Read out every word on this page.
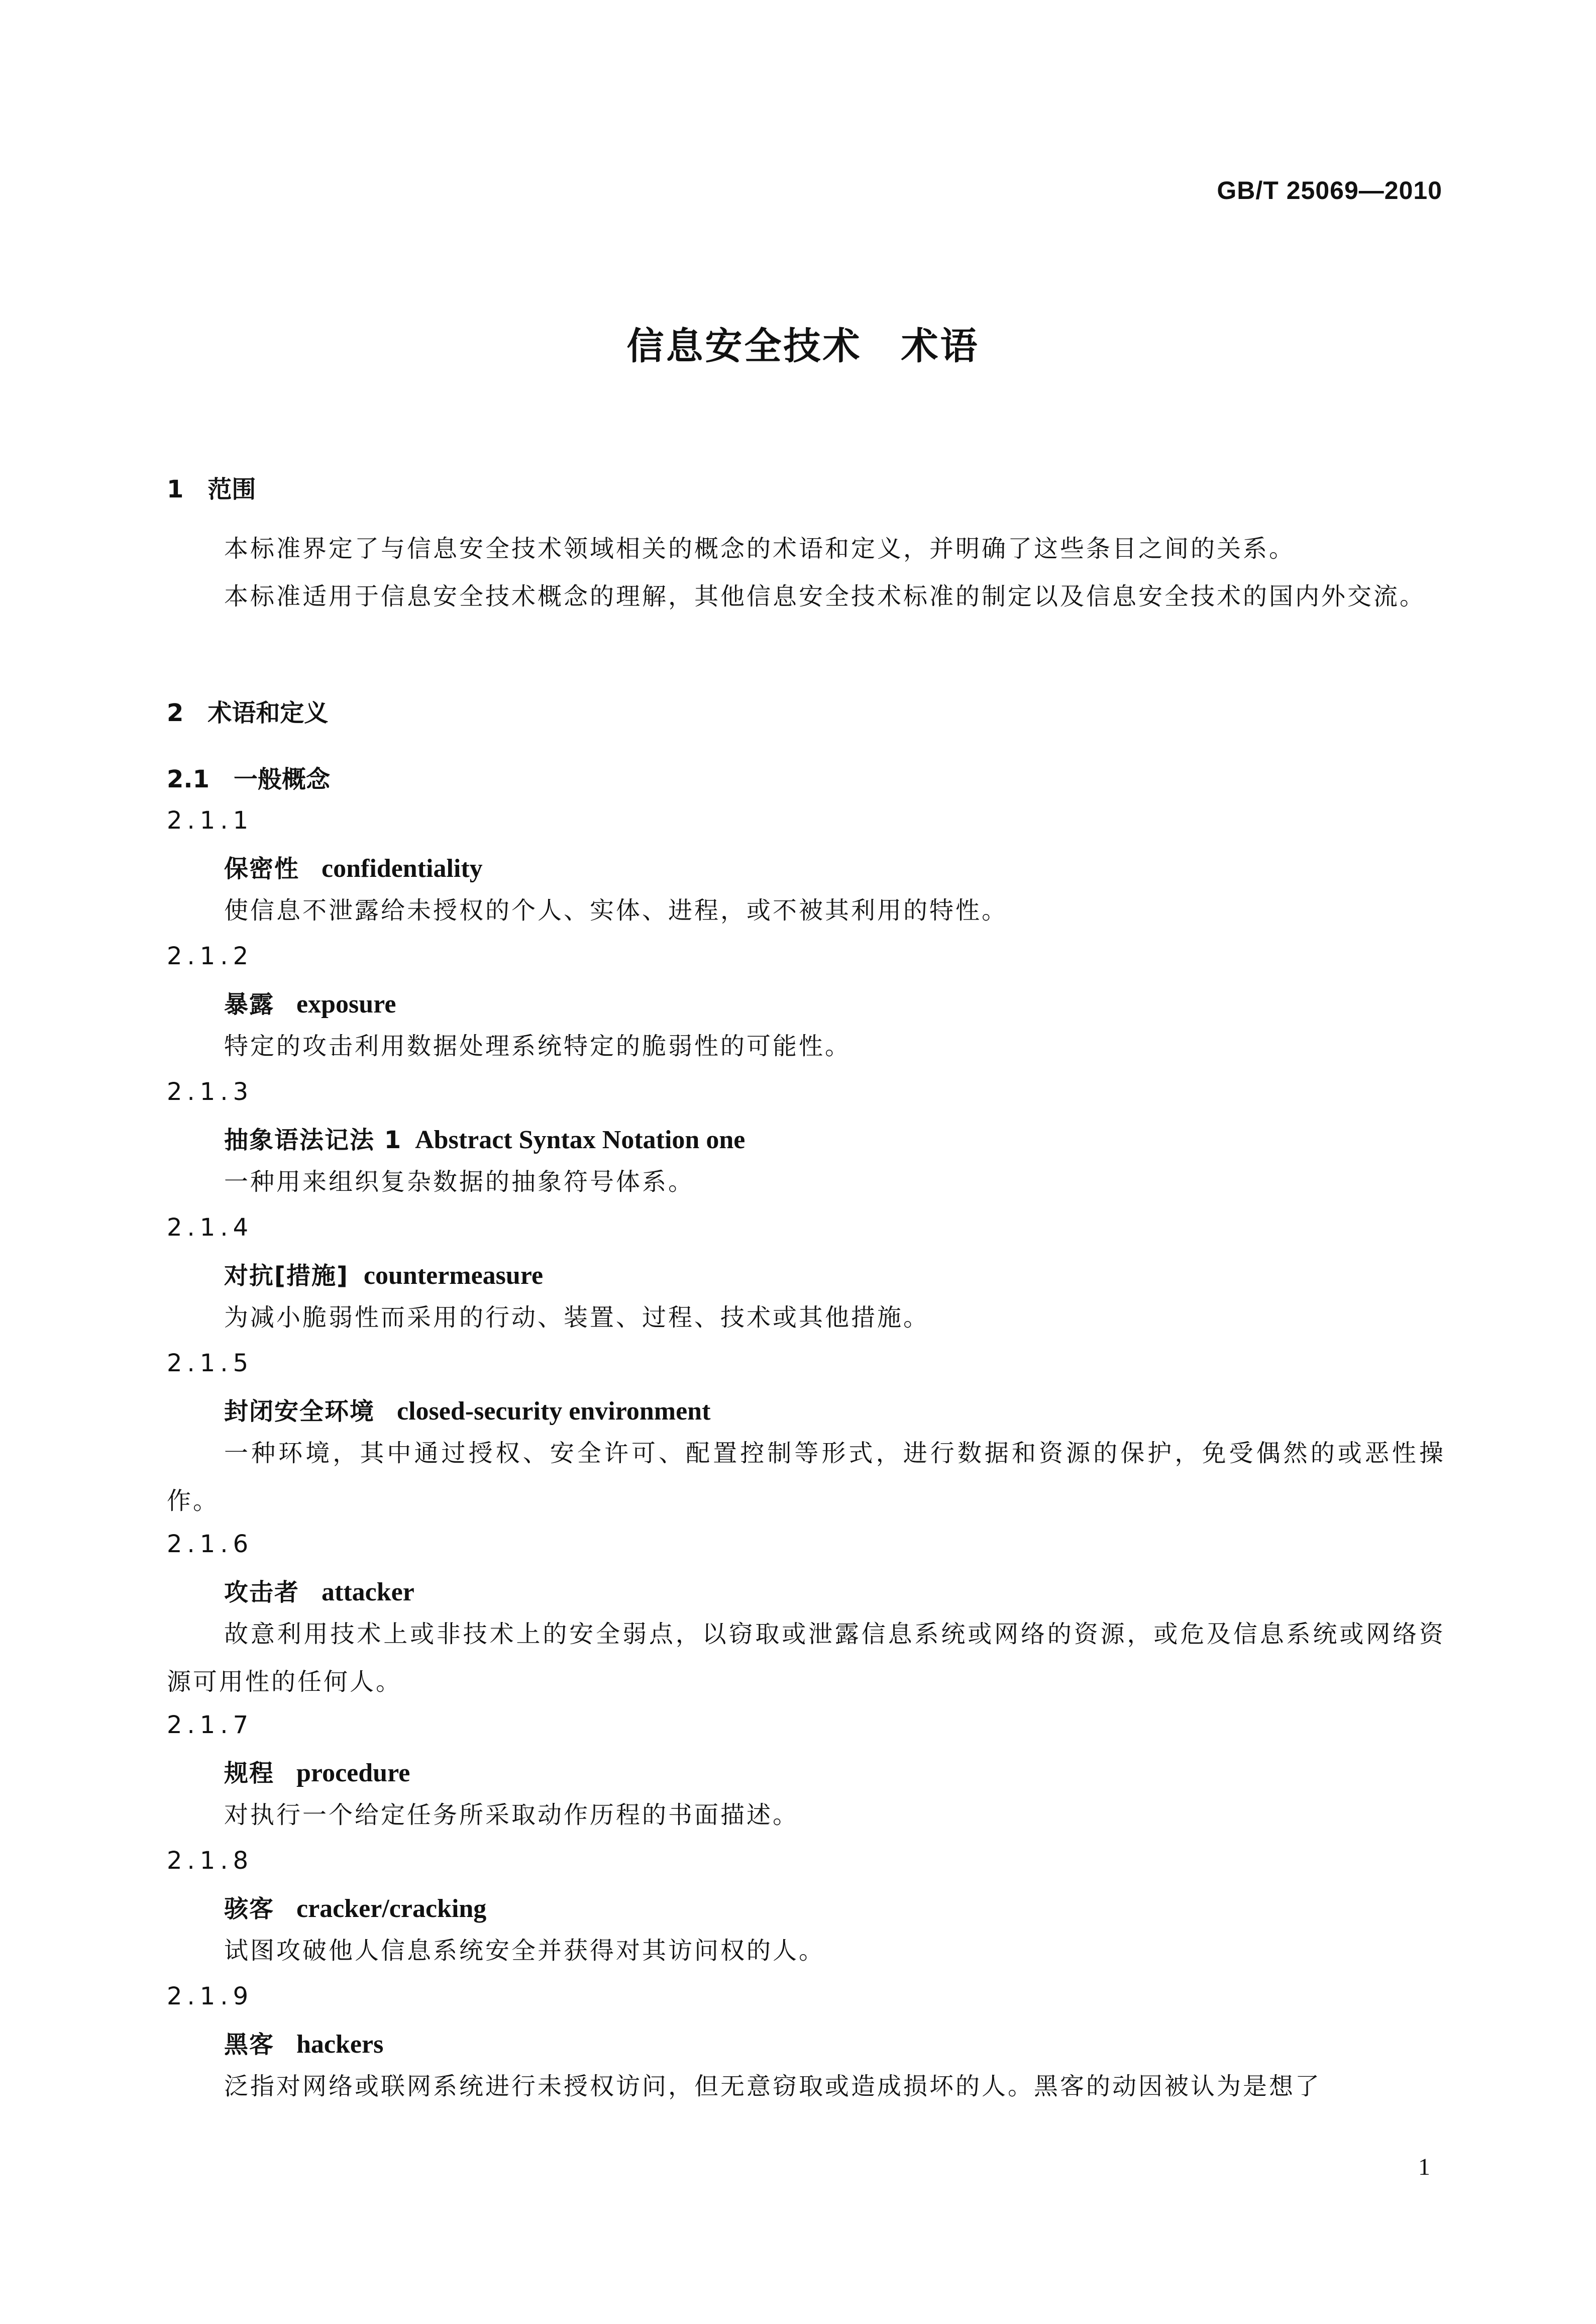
GB/T 25069—2010
信息安全技术　术语
1　范围
本标准界定了与信息安全技术领域相关的概念的术语和定义，并明确了这些条目之间的关系。
本标准适用于信息安全技术概念的理解，其他信息安全技术标准的制定以及信息安全技术的国内外交流。
2　术语和定义
2.1　一般概念
2.1.1
保密性 confidentiality
使信息不泄露给未授权的个人、实体、进程，或不被其利用的特性。
2.1.2
暴露 exposure
特定的攻击利用数据处理系统特定的脆弱性的可能性。
2.1.3
抽象语法记法 1 Abstract Syntax Notation one
一种用来组织复杂数据的抽象符号体系。
2.1.4
对抗[措施] countermeasure
为减小脆弱性而采用的行动、装置、过程、技术或其他措施。
2.1.5
封闭安全环境 closed-security environment
一种环境，其中通过授权、安全许可、配置控制等形式，进行数据和资源的保护，免受偶然的或恶性操作。
2.1.6
攻击者 attacker
故意利用技术上或非技术上的安全弱点，以窃取或泄露信息系统或网络的资源，或危及信息系统或网络资源可用性的任何人。
2.1.7
规程 procedure
对执行一个给定任务所采取动作历程的书面描述。
2.1.8
骇客 cracker/cracking
试图攻破他人信息系统安全并获得对其访问权的人。
2.1.9
黑客 hackers
泛指对网络或联网系统进行未授权访问，但无意窃取或造成损坏的人。黑客的动因被认为是想了
1
